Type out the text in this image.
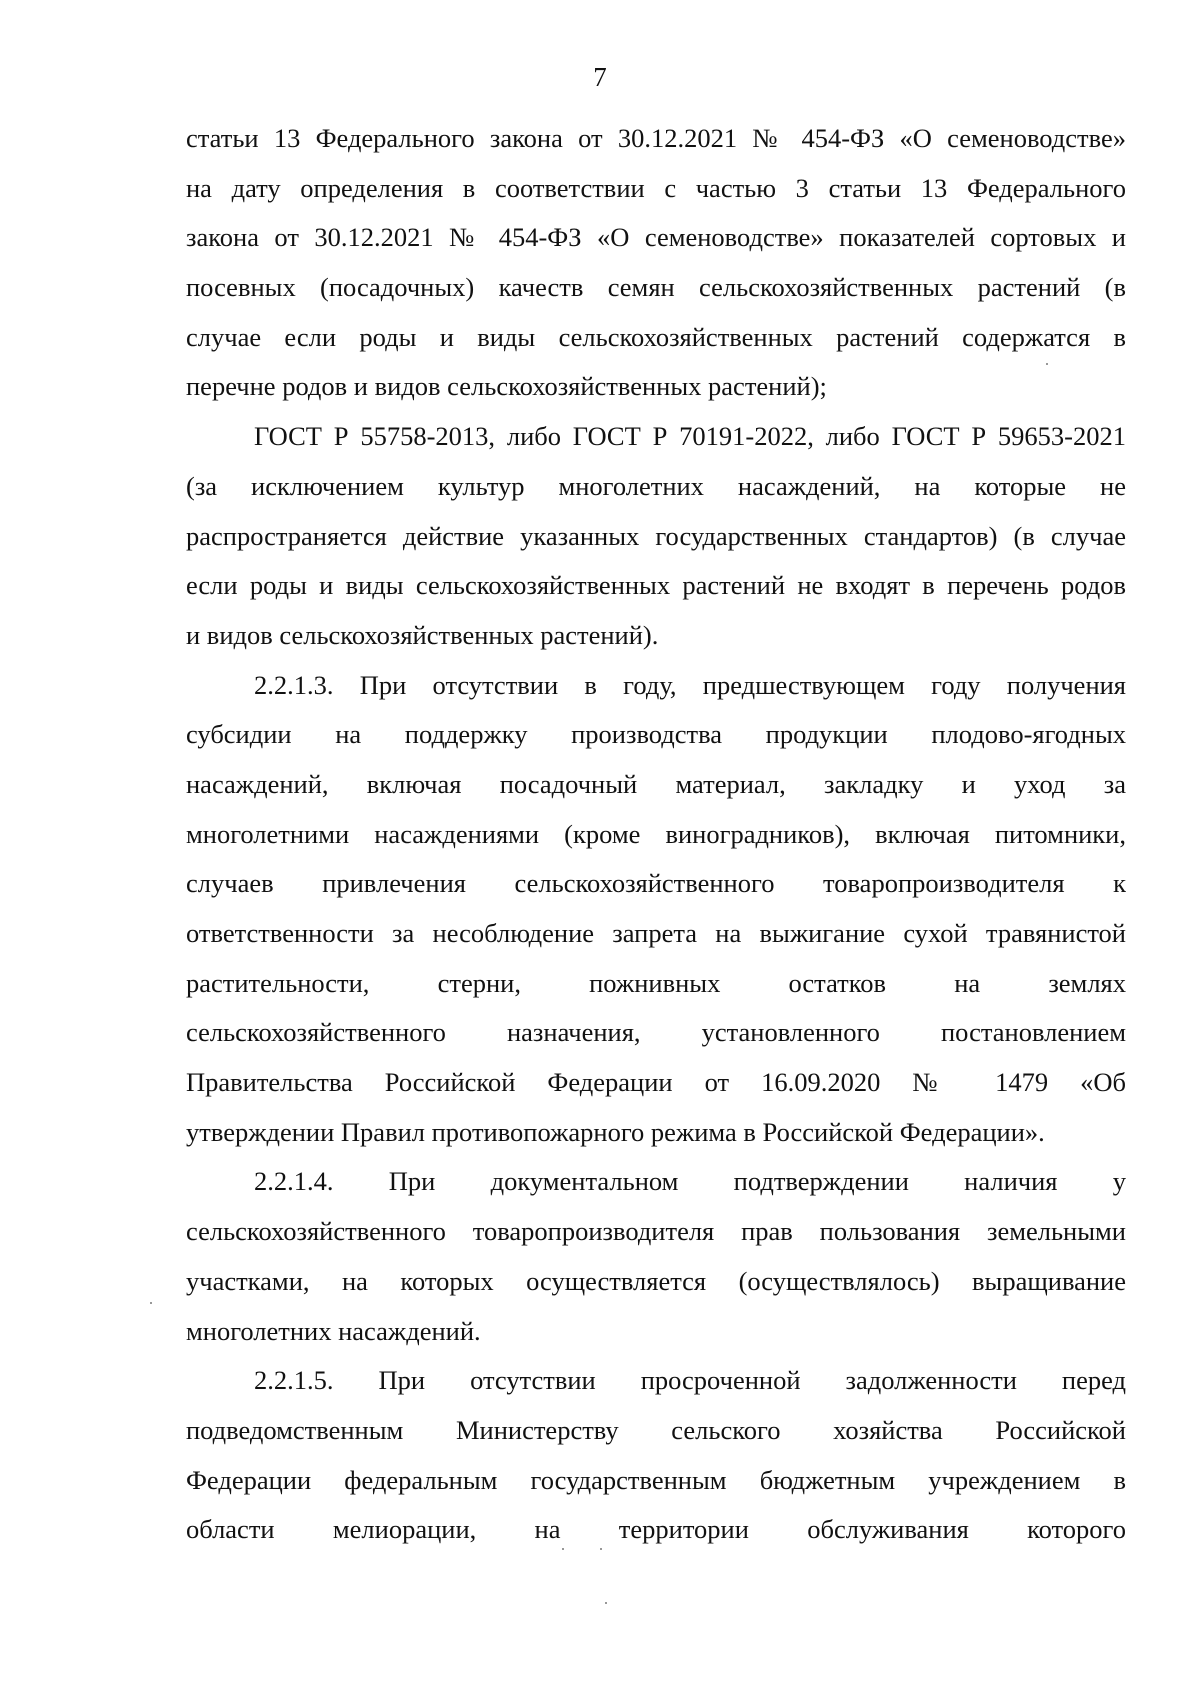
7
статьи 13 Федерального закона от 30.12.2021 № 454-ФЗ «О семеноводстве»
на дату определения в соответствии с частью 3 статьи 13 Федерального
закона от 30.12.2021 № 454-ФЗ «О семеноводстве» показателей сортовых и
посевных (посадочных) качеств семян сельскохозяйственных растений (в
случае если роды и виды сельскохозяйственных растений содержатся в
перечне родов и видов сельскохозяйственных растений);
ГОСТ Р 55758-2013, либо ГОСТ Р 70191-2022, либо ГОСТ Р 59653-2021
(за исключением культур многолетних насаждений, на которые не
распространяется действие указанных государственных стандартов) (в случае
если роды и виды сельскохозяйственных растений не входят в перечень родов
и видов сельскохозяйственных растений).
2.2.1.3. При отсутствии в году, предшествующем году получения
субсидии на поддержку производства продукции плодово-ягодных
насаждений, включая посадочный материал, закладку и уход за
многолетними насаждениями (кроме виноградников), включая питомники,
случаев привлечения сельскохозяйственного товаропроизводителя к
ответственности за несоблюдение запрета на выжигание сухой травянистой
растительности, стерни, пожнивных остатков на землях
сельскохозяйственного назначения, установленного постановлением
Правительства Российской Федерации от 16.09.2020 № 1479 «Об
утверждении Правил противопожарного режима в Российской Федерации».
2.2.1.4. При документальном подтверждении наличия у
сельскохозяйственного товаропроизводителя прав пользования земельными
участками, на которых осуществляется (осуществлялось) выращивание
многолетних насаждений.
2.2.1.5. При отсутствии просроченной задолженности перед
подведомственным Министерству сельского хозяйства Российской
Федерации федеральным государственным бюджетным учреждением в
области мелиорации, на территории обслуживания которого
